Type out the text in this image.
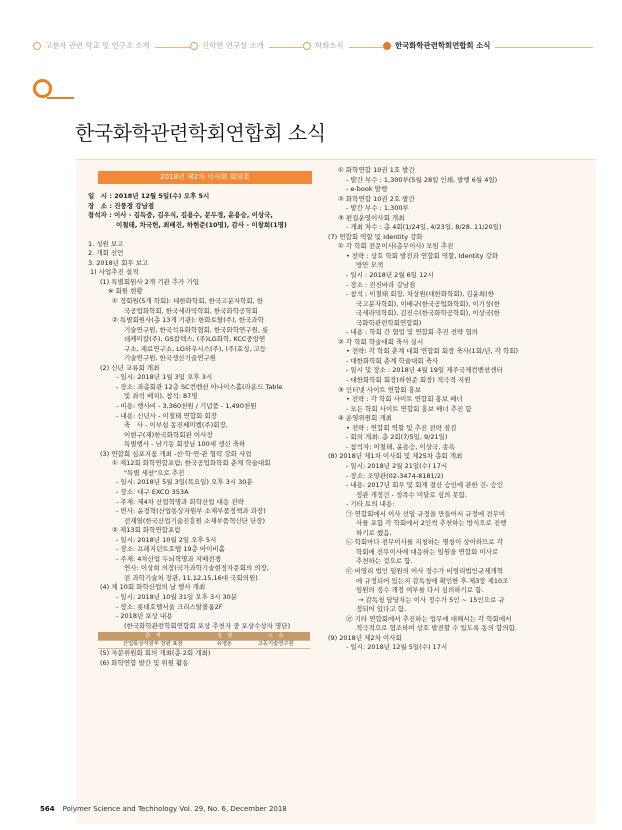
고분자 관련 학교 및 연구소 소개	신학연 연구실 소개	학회소식	한국화학관련학회연합회 소식
한국화학관련학회연합회 소식
2018년 제2차 이사회 회의록
일　시 : 2018년 12월 5일(수) 오후 5시
장　소 : 진풍정 강남점
참석자 : 이사 - 김득중, 김우식, 김용수, 문두경, 윤용승, 이상국,
이철태, 차국헌, 최배진, 하현준(10명), 감사 - 이창희(1명)
1. 성원 보고
2. 개회 선언
3. 2018년 회무 보고
1) 사업추진 실적
(1) 특별회원사 2개 기관 추가 가입
※ 회원 현황
① 정회원(5개 학회): 대한화학회, 한국고분자학회, 한
국공업화학회, 한국세라믹학회, 한국화학공학회
② 특별회원사(총 13개 기관): 한화토탈(주), 한국과학
기술연구원, 한국석유화학협회, 한국화학연구원, 롯
데케미칼(주), GS칼텍스, (주)LG화학, KCC중앙연
구소, 재료연구소, LG하우시스(주), (주)효성, 고등
기술연구원, 한국생산기술연구원
(2) 신년 교류회 개최
- 일시: 2018년 1월 3일 오후 3시
- 장소: 과총회관 12층 SC컨벤션 아나이스홀(라운드 Table
및 좌석 배치), 참석: 87명
- 비용: 행사비 - 3,360천원 / 기념품 - 1,490천원
- 내용: 신년사 - 이철태 연합회 회장
축　사 - 이부섭 동진쎄미켐(주)회장,
이현구(재)한국화학회관 이사장
특별행사 - 남기동 회장님 100세 생신 축하
(3) 연합회 심포지움 개최 -산·학·연·관 협력 강화 사업
① 제12회 화학연합포럼: 한국공업화학회 춘계 학술대회
"특별 세션"으로 추진
- 일시: 2018년 5월 3일(목요일) 오후 3시 30분
- 장소: 대구 EXCO 353A
- 주제: 제4차 산업혁명과 화학산업 대응 전략
- 연사: 윤정혁(산업통상자원부 소재부품정책과 과장)
전재열(한국산업기술진흥원 소재부품혁신단 단장)
② 제13회 화학연합포럼
- 일시: 2018년 10월 2일 오후 5시
- 장소: 프레지던트호텔 19층 아이비홀
- 주제: 4차산업 두뇌혁명과 지배전쟁
연사: 이상희 의장(국가과학기술현정자문회의 의장,
전 과학기술처 장관, 11,12,15,16대 국회의원)
(4) 제 10회 화학산업의 날 행사 개최
- 일시: 2018년 10월 31일 오후 3시 30분
- 장소: 롯데호텔서울 크리스탈볼룸2F
- 2018년 포상 내용
(한국화학관련학회연합회 포상 추천자 중 포상수상자 명단)
훈　격	성　명	소　속
산업통상자원부 장관 표창	유영돈	고등기술연구원
(5) 자문위원회 회의 개최(총 2회 개최)
(6) 화학연합 발간 및 위원 활동
① 화학연합 10권 1호 발간
- 발간 부수 : 1,300부(5월 28일 인쇄, 발행 6월 4일)
- e-book 발행
② 화학연합 10권 2호 발간
- 발간 부수 : 1,300부
③ 편집운영이사회 개최
- 개최 차수 : 총 4회(1/24일, 4/23일, 8/28. 11/20일)
(7) 연합회 역할 및 Identity 강화
① 각 학회 전문이사(총무이사) 모임 추진
• 전략 : 상호 학회 발전과 연합회 역할, Identity 강화
방안 모색
- 일시 : 2018년 2월 6일 12시
- 장소 : 진진바라 강남점
- 참석 : 이철태 회장, 차상원(대한화학회), 김윤희(한
국고분자학회), 이배규(한국공업화학회), 이기성(한
국세라믹학회), 김진수(한국화학공학회), 이상국(한
국화학관련학회연합회)
- 내용 : 학회 간 협업 및 연합회 추진 전략 협의
② 각 학회 학술대회 축사 실시
• 전략: 각 학회 춘계 대회 연합회 회장 축사(1회/년, 각 학회)
- 대한화학회 춘계 학술대회 축사
- 일시 및 장소 : 2018년 4월 19일 제주국제컨벤션센터
- 대한화학회 회장(하현준 회장) 적극적 지원
③ 인터넷 사이트 연합회 홍보
• 전략 : 각 학회 사이트 연합회 홍보 배너
- 모든 학회 사이트 연합회 홍보 배너 추진 함
④ 운영위원회 개최
• 전략 : 연합회 역할 및 추진 전략 점검
- 회의 개최: 총 2회(7/5일, 9/21일)
- 참석자: 이철태, 윤용승, 이상국, 송옥
(8) 2018년 제1차 이사회 및 제25차 총회 개최
- 일시: 2018년 2월 21일(수) 17시
- 장소: 조양관(02-3474-8181/2)
- 내용: 2017년 회무 및 회계 결산 승인에 관한 건- 승인
정관 개정건 - 정족수 미달로 심의 못함.
- 기타 토의 내용:
㉠ 연합회에서 이사 선임 규정을 만들어서 규정에 전무이
사를 포함 각 학회에서 2인씩 추천하는 방식으로 진행
하기로 했음.
㉡ 학회마다 전무이사를 지칭하는 명칭이 상이하므로 각
학회에 전무이사에 대응하는 임원을 연합회 이사로
추천하는 것으로 함.
㉢ 비영리 법인 임원의 이사 정수가 비영리법인규제개혁
에 규정되어 있는지 감독청에 확인한 후 제3장 제10조
임원의 정수 개정 여부를 다시 심의하기로 함.
→ 감독청 담당자는 이사 정수가 5인 ~ 15인으로 규
정되어 있다고 함.
㉣ 기타 연합회에서 추진하는 업무에 대해서는 각 학회에서
적극적으로 협조하여 상호 발전할 수 있도록 동의 합의함.
(9) 2018년 제2차 이사회
- 일시: 2018년 12월 5일(수) 17시
564 Polymer Science and Technology Vol. 29, No. 6, December 2018
